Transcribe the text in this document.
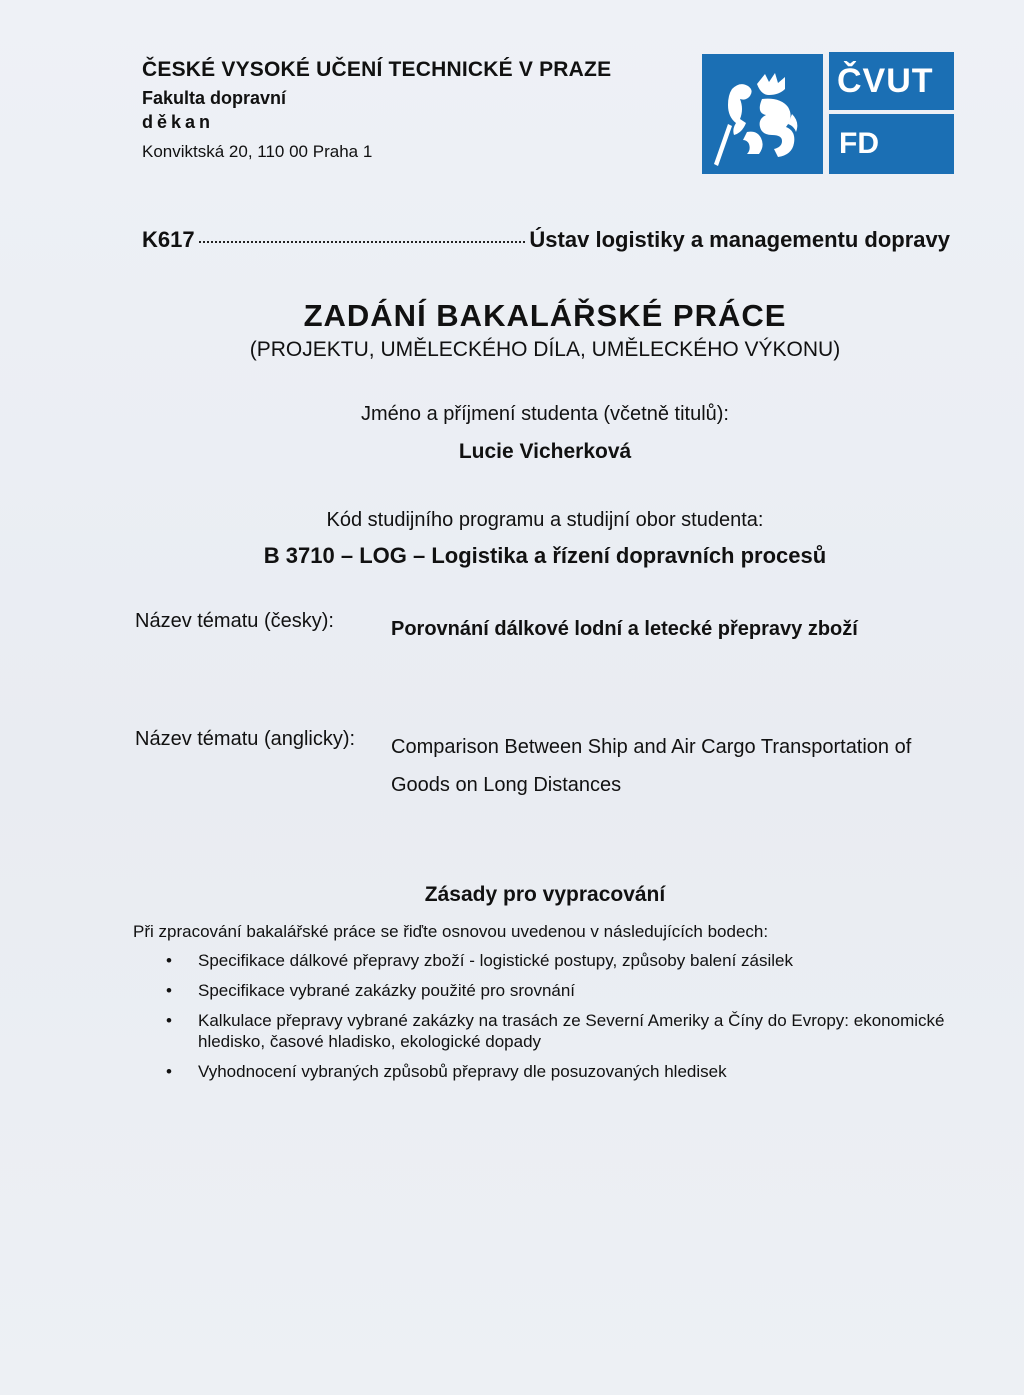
ČESKÉ VYSOKÉ UČENÍ TECHNICKÉ V PRAZE
Fakulta dopravní
děkan
Konviktská 20, 110 00 Praha 1
ČVUT
FD
K617	Ústav logistiky a managementu dopravy
ZADÁNÍ BAKALÁŘSKÉ PRÁCE
(PROJEKTU, UMĚLECKÉHO DÍLA, UMĚLECKÉHO VÝKONU)
Jméno a příjmení studenta (včetně titulů):
Lucie Vicherková
Kód studijního programu a studijní obor studenta:
B 3710 – LOG – Logistika a řízení dopravních procesů
Název tématu (česky):	Porovnání dálkové lodní a letecké přepravy zboží
Název tématu (anglicky):	Comparison Between Ship and Air Cargo Transportation of Goods on Long Distances
Zásady pro vypracování
Při zpracování bakalářské práce se řiďte osnovou uvedenou v následujících bodech:
• Specifikace dálkové přepravy zboží - logistické postupy, způsoby balení zásilek
• Specifikace vybrané zakázky použité pro srovnání
• Kalkulace přepravy vybrané zakázky na trasách ze Severní Ameriky a Číny do Evropy: ekonomické hledisko, časové hladisko, ekologické dopady
• Vyhodnocení vybraných způsobů přepravy dle posuzovaných hledisek
